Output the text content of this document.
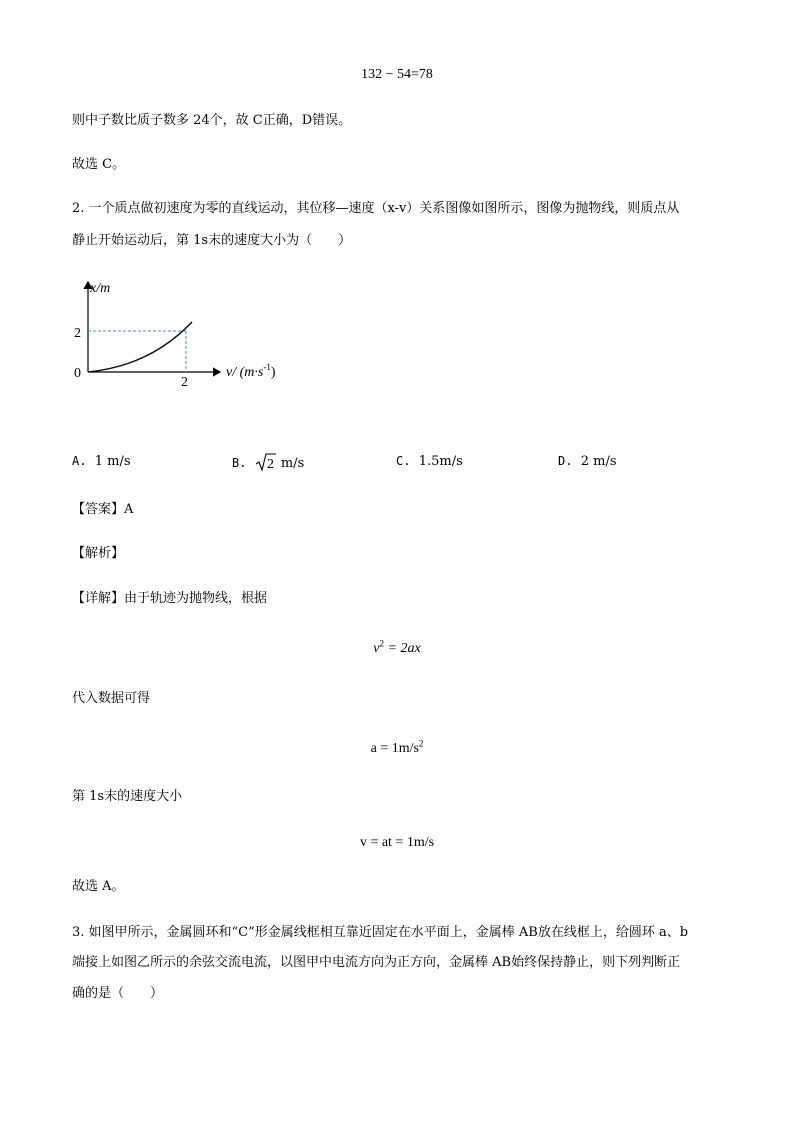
132 − 54=78
则中子数比质子数多 24个，故 C正确，D错误。
故选 C。
2. 一个质点做初速度为零的直线运动，其位移—速度（x-v）关系图像如图所示，图像为抛物线，则质点从
静止开始运动后，第 1s末的速度大小为（　　）
x/m
2
0
2
v/ $(m\cdot s^{-1})$
A. 1 m/s	B. 2 m/s	C. 1.5m/s	D. 2 m/s
【答案】A
【解析】
【详解】由于轨迹为抛物线，根据
$v^2 = 2ax$
代入数据可得
$a = 1m/s^2$
第 1s末的速度大小
v = at = 1m/s
故选 A。
3. 如图甲所示，金属圆环和“C”形金属线框相互靠近固定在水平面上，金属棒 AB放在线框上，给圆环 a、b
端接上如图乙所示的余弦交流电流，以图甲中电流方向为正方向，金属棒 AB始终保持静止，则下列判断正
确的是（　　）
